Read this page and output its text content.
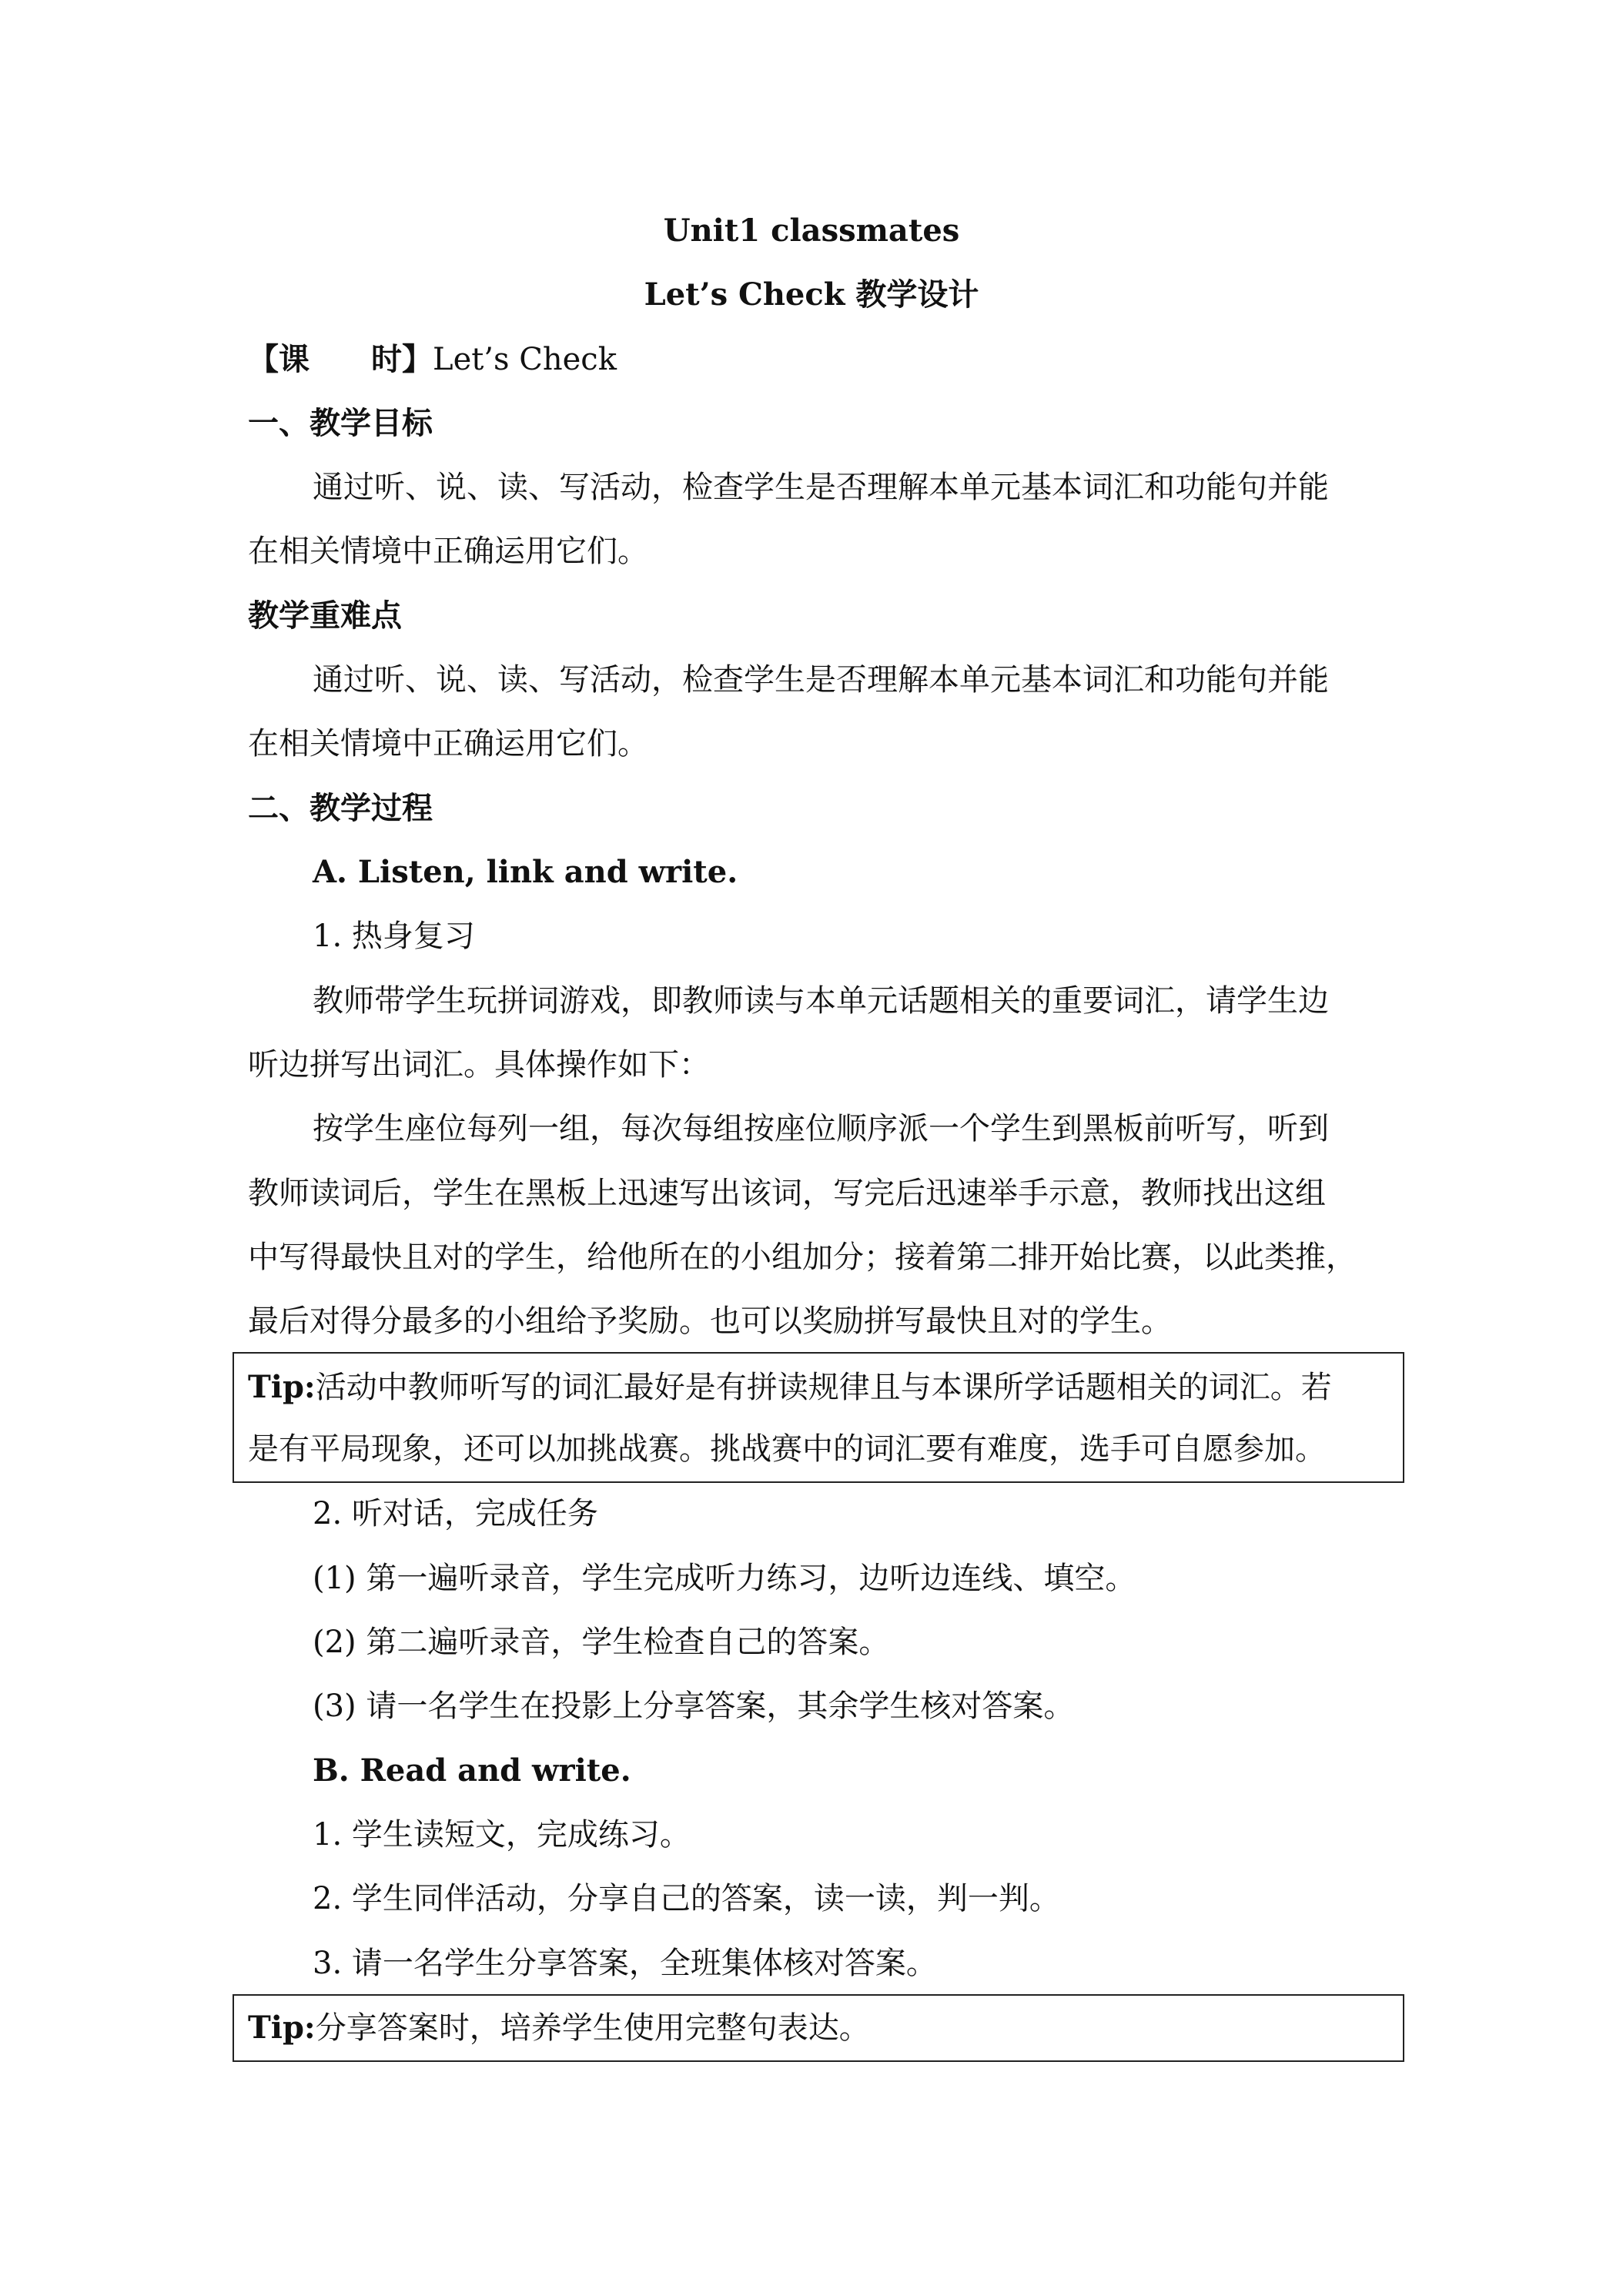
Unit1 classmates
Let’s Check 教学设计
【课　　时】Let’s Check
一、教学目标
通过听、说、读、写活动，检查学生是否理解本单元基本词汇和功能句并能
在相关情境中正确运用它们。
教学重难点
通过听、说、读、写活动，检查学生是否理解本单元基本词汇和功能句并能
在相关情境中正确运用它们。
二、教学过程
A. Listen, link and write.
1. 热身复习
教师带学生玩拼词游戏，即教师读与本单元话题相关的重要词汇，请学生边
听边拼写出词汇。具体操作如下：
按学生座位每列一组，每次每组按座位顺序派一个学生到黑板前听写，听到
教师读词后，学生在黑板上迅速写出该词，写完后迅速举手示意，教师找出这组
中写得最快且对的学生，给他所在的小组加分；接着第二排开始比赛，以此类推，
最后对得分最多的小组给予奖励。也可以奖励拼写最快且对的学生。
Tip:活动中教师听写的词汇最好是有拼读规律且与本课所学话题相关的词汇。若
是有平局现象，还可以加挑战赛。挑战赛中的词汇要有难度，选手可自愿参加。
2. 听对话，完成任务
(1) 第一遍听录音，学生完成听力练习，边听边连线、填空。
(2) 第二遍听录音，学生检查自己的答案。
(3) 请一名学生在投影上分享答案，其余学生核对答案。
B. Read and write.
1. 学生读短文，完成练习。
2. 学生同伴活动，分享自己的答案，读一读，判一判。
3. 请一名学生分享答案，全班集体核对答案。
Tip:分享答案时，培养学生使用完整句表达。
